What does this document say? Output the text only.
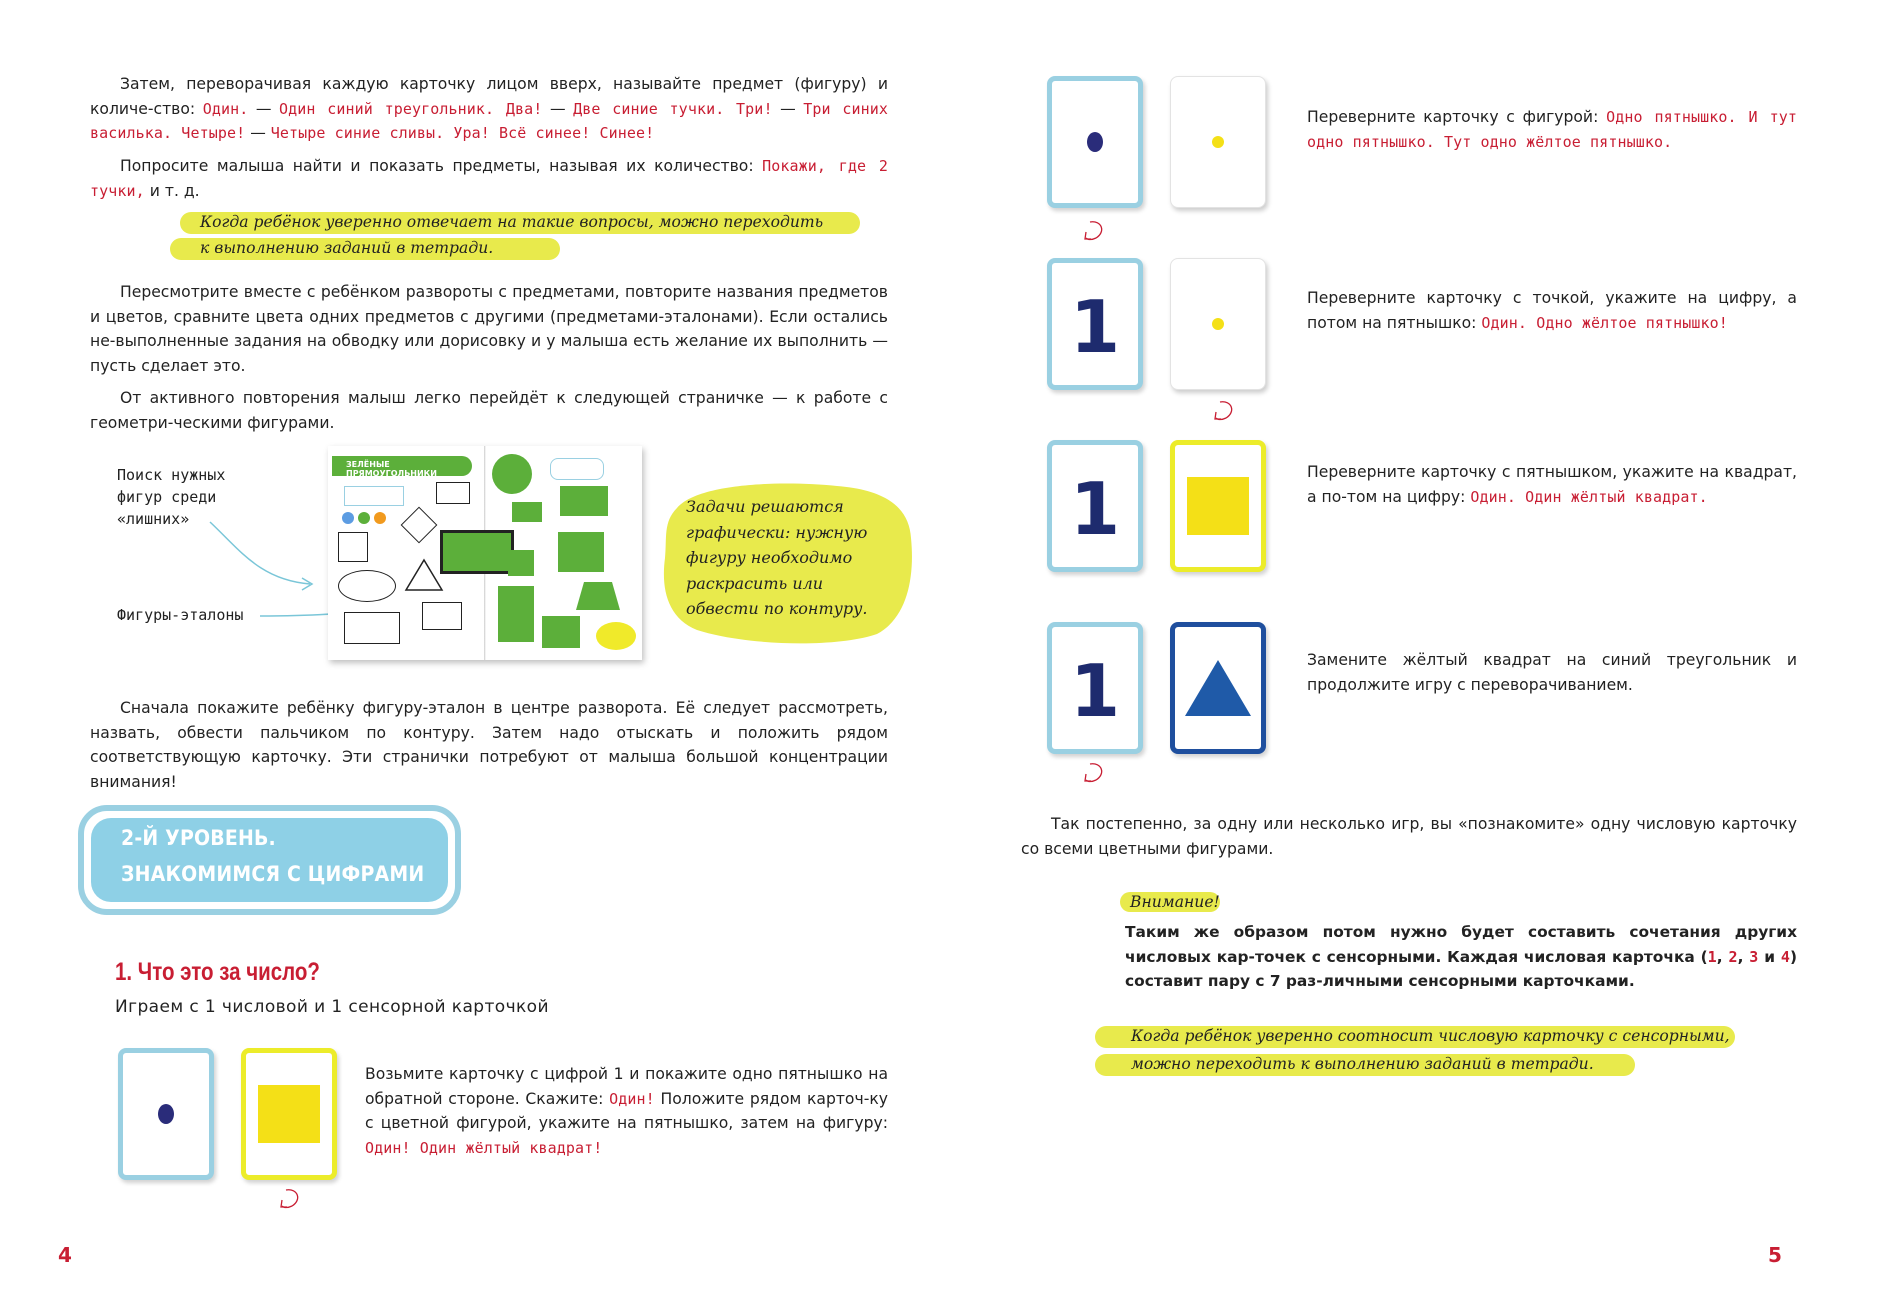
Затем, переворачивая каждую карточку лицом вверх, называйте предмет (фигуру) и количе-ство: Один. — Один синий треугольник. Два! — Две синие тучки. Три! — Три синих василька. Четыре! — Четыре синие сливы. Ура! Всё синее! Синее!
Попросите малыша найти и показать предметы, называя их количество: Покажи, где 2 тучки, и т. д.
Когда ребёнок уверенно отвечает на такие вопросы, можно переходить
к выполнению заданий в тетради.
Пересмотрите вместе с ребёнком развороты с предметами, повторите названия предметов и цветов, сравните цвета одних предметов с другими (предметами-эталонами). Если остались не-выполненные задания на обводку или дорисовку и у малыша есть желание их выполнить — пусть сделает это.
От активного повторения малыш легко перейдёт к следующей страничке — к работе с геометри-ческими фигурами.
Поиск нужных
фигур среди
«лишних»
Фигуры-эталоны
ЗЕЛЁНЫЕ ПРЯМОУГОЛЬНИКИ
Задачи решаются
графически: нужную
фигуру необходимо
раскрасить или
обвести по контуру.
Сначала покажите ребёнку фигуру-эталон в центре разворота. Её следует рассмотреть, назвать, обвести пальчиком по контуру. Затем надо отыскать и положить рядом соответствующую карточку. Эти странички потребуют от малыша большой концентрации внимания!
2-Й УРОВЕНЬ.
ЗНАКОМИМСЯ С ЦИФРАМИ
1. Что это за число?
Играем с 1 числовой и 1 сенсорной карточкой
Возьмите карточку с цифрой 1 и покажите одно пятнышко на обратной стороне. Скажите: Один! Положите рядом карточ-ку с цветной фигурой, укажите на пятнышко, затем на фигуру: Один! Один жёлтый квадрат!
4
Переверните карточку с фигурой: Одно пятнышко. И тут одно пятнышко. Тут одно жёлтое пятнышко.
1	Переверните карточку с точкой, укажите на цифру, а потом на пятнышко: Один. Одно жёлтое пятнышко!
1	Переверните карточку с пятнышком, укажите на квадрат, а по-том на цифру: Один. Один жёлтый квадрат.
1	Замените жёлтый квадрат на синий треугольник и продолжите игру с переворачиванием.
Так постепенно, за одну или несколько игр, вы «познакомите» одну числовую карточку со всеми цветными фигурами.
Внимание!
Таким же образом потом нужно будет составить сочетания других числовых кар-точек с сенсорными. Каждая числовая карточка (1, 2, 3 и 4) составит пару с 7 раз-личными сенсорными карточками.
Когда ребёнок уверенно соотносит числовую карточку с сенсорными,
можно переходить к выполнению заданий в тетради.
5
